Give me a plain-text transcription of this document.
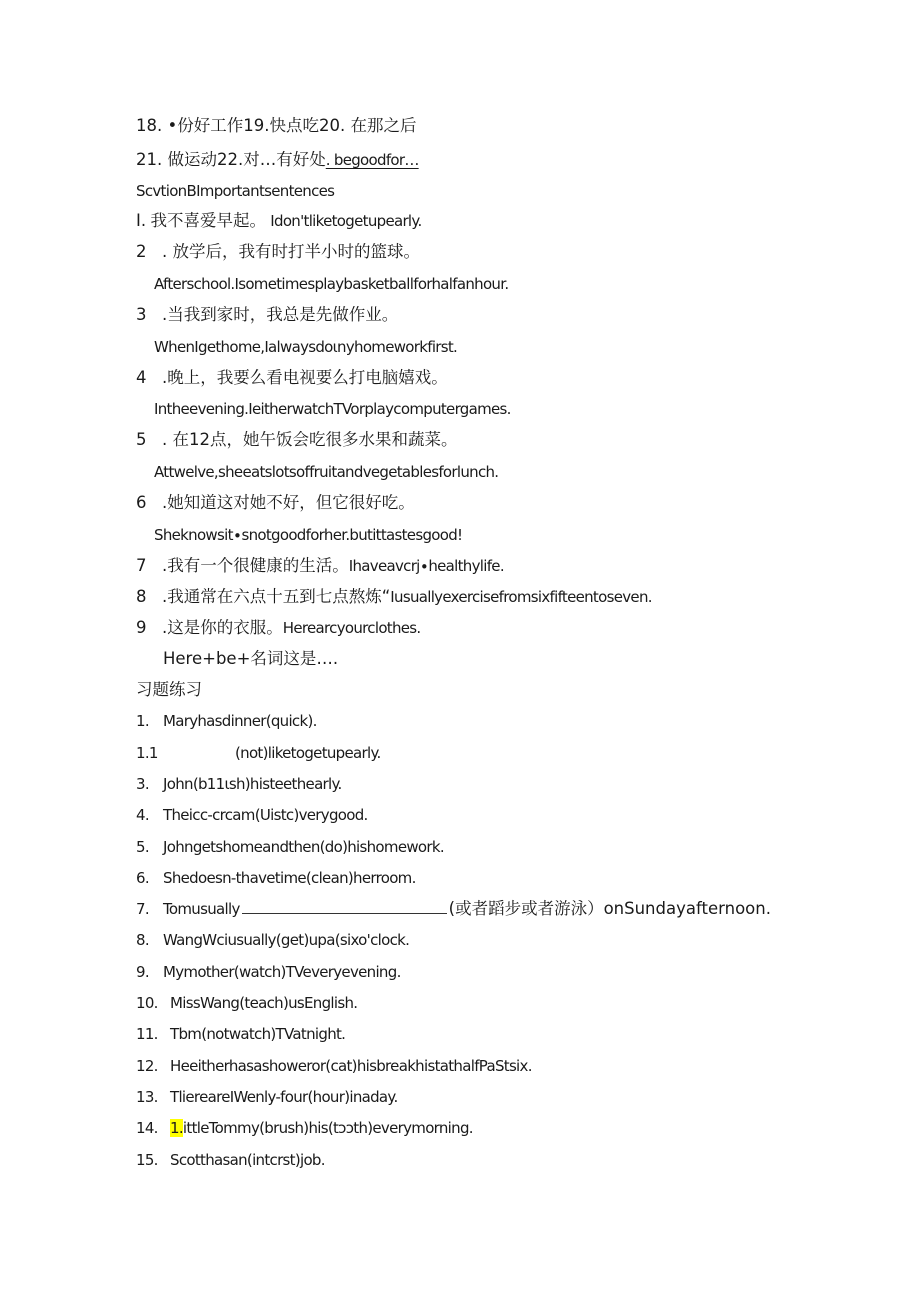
18. •份好工作19.快点吃20. 在那之后
21. 做运动22.对…有好处. begoodfor…
ScvtionBImportantsentences
I. 我不喜爱早起。 Idon'tliketogetupearly.
2 . 放学后，我有时打半小时的篮球。
Afterschool.Isometimesplaybasketballforhalfanhour.
3 .当我到家时，我总是先做作业。
WhenIgethome,Ialwaysdoιnyhomeworkfirst.
4 .晚上，我要么看电视要么打电脑嬉戏。
Intheevening.IeitherwatchTVorplaycomputergames.
5 . 在12点，她午饭会吃很多水果和蔬菜。
Attwelve,sheeatslotsoffruitandvegetablesforlunch.
6 .她知道这对她不好，但它很好吃。
Sheknowsit∙snotgoodforher.butittastesgood!
7 .我有一个很健康的生活。Ihaveavcrj∙healthylife.
8 .我通常在六点十五到七点熬炼“Iusuallyexercisefromsixfifteentoseven.
9 .这是你的衣服。Herearcyourclothes.
Here+be+名词这是….
习题练习
1. Maryhasdinner(quick).
1.1	(not)liketogetupearly.
3. John(b11ιsh)histeethearly.
4. Theicc-crcam(Uistc)verygood.
5. Johngetshomeandthen(do)hishomework.
6. Shedoesn-thavetime(clean)herroom.
7. Tomusually	(或者蹈步或者游泳）onSundayafternoon.
8. WangWciusually(get)upa(sixo'clock.
9. Mymother(watch)TVeveryevening.
10. MissWang(teach)usEnglish.
11. Tbm(notwatch)TVatnight.
12. Heeitherhasashoweror(cat)hisbreakhistathalfPaStsix.
13. TliereareIWenly-four(hour)inaday.
14. 1.ittleTommy(brush)his(tɔɔth)everymorning.
15. Scotthasan(intcrst)job.
